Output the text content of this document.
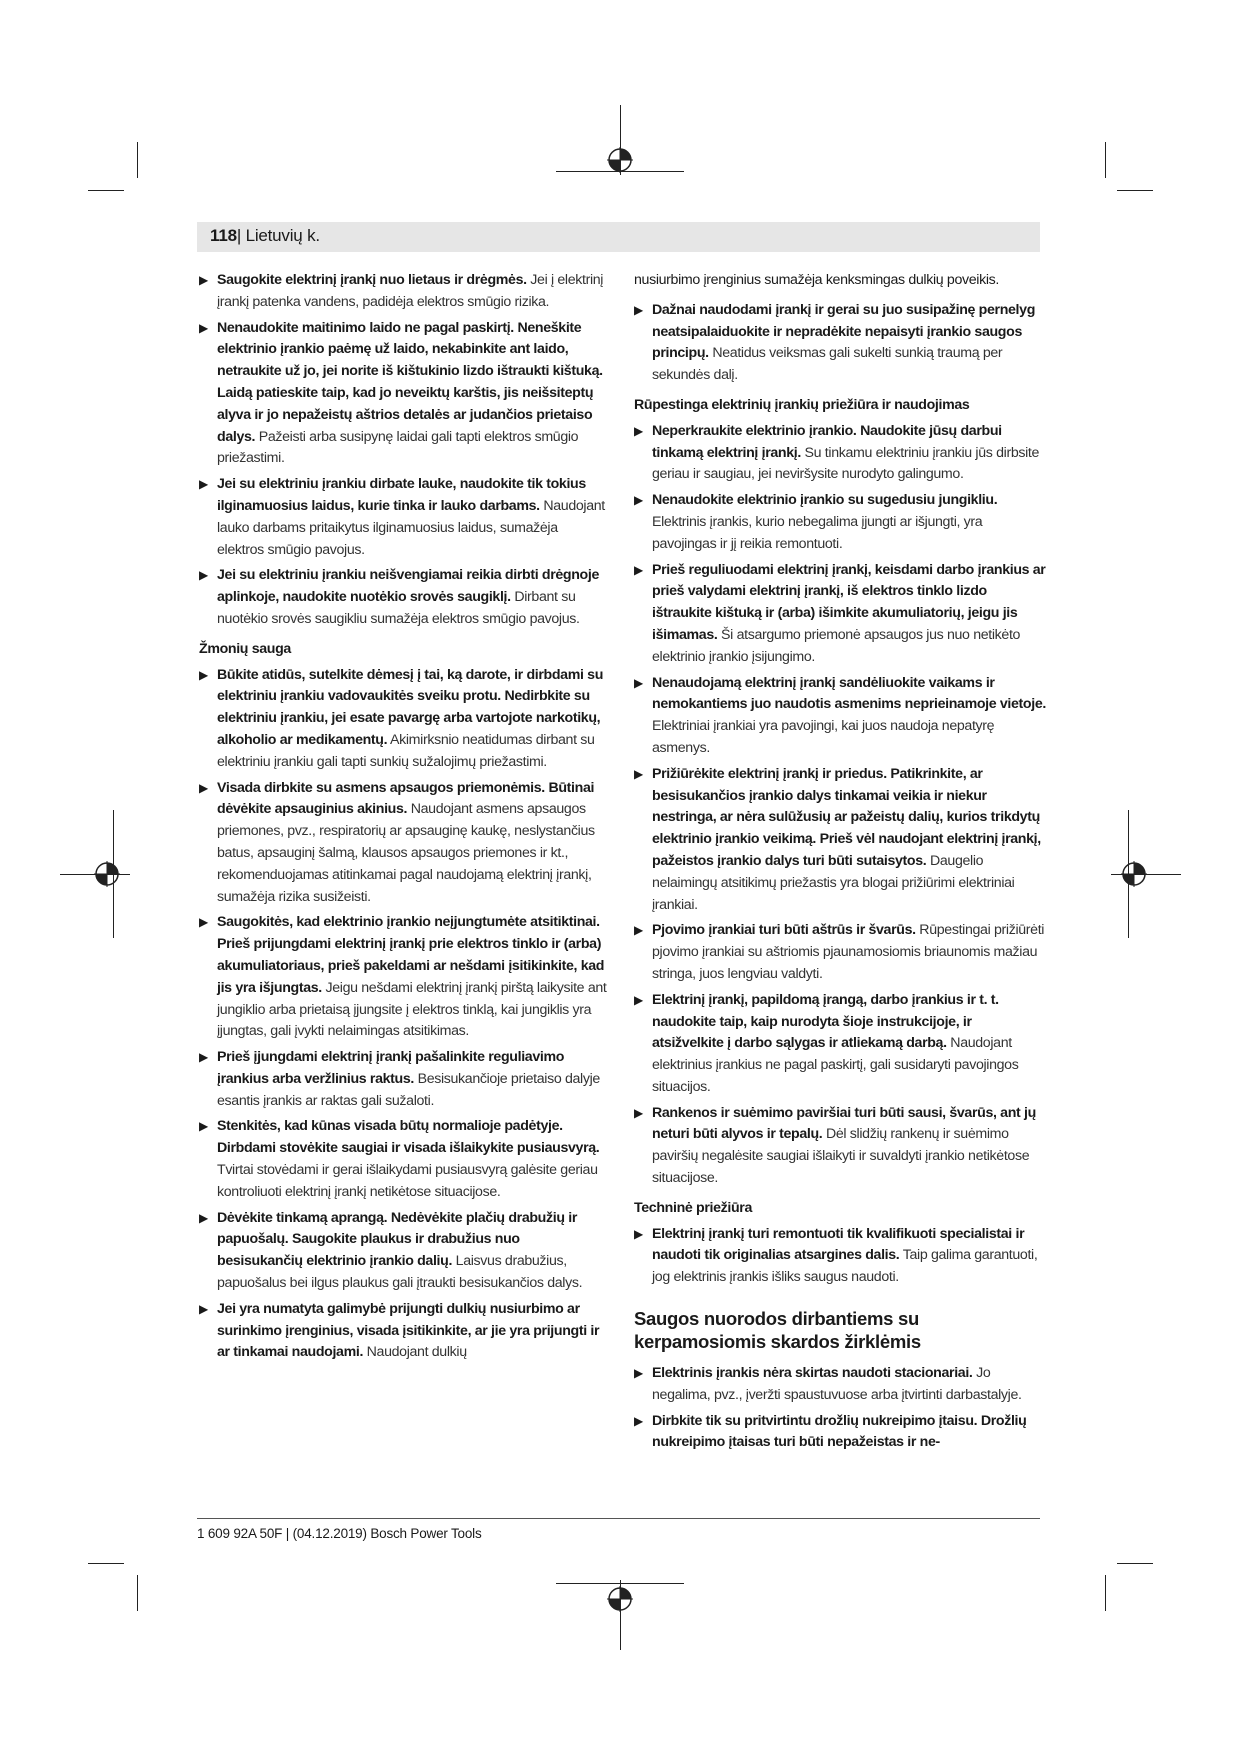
118| Lietuvių k.
▶ Saugokite elektrinį įrankį nuo lietaus ir drėgmės. Jei į elektrinį įrankį patenka vandens, padidėja elektros smūgio rizika.
▶ Nenaudokite maitinimo laido ne pagal paskirtį. Neneškite elektrinio įrankio paėmę už laido, nekabinkite ant laido, netraukite už jo, jei norite iš kištukinio lizdo ištraukti kištuką. Laidą patieskite taip, kad jo neveiktų karštis, jis neišsiteptų alyva ir jo nepažeistų aštrios detalės ar judančios prietaiso dalys. Pažeisti arba susipynę laidai gali tapti elektros smūgio priežastimi.
▶ Jei su elektriniu įrankiu dirbate lauke, naudokite tik tokius ilginamuosius laidus, kurie tinka ir lauko darbams. Naudojant lauko darbams pritaikytus ilginamuosius laidus, sumažėja elektros smūgio pavojus.
▶ Jei su elektriniu įrankiu neišvengiamai reikia dirbti drėgnoje aplinkoje, naudokite nuotėkio srovės saugiklį. Dirbant su nuotėkio srovės saugikliu sumažėja elektros smūgio pavojus.
Žmonių sauga
▶ Būkite atidūs, sutelkite dėmesį į tai, ką darote, ir dirbdami su elektriniu įrankiu vadovaukitės sveiku protu. Nedirbkite su elektriniu įrankiu, jei esate pavargę arba vartojote narkotikų, alkoholio ar medikamentų. Akimirksnio neatidumas dirbant su elektriniu įrankiu gali tapti sunkių sužalojimų priežastimi.
▶ Visada dirbkite su asmens apsaugos priemonėmis. Būtinai dėvėkite apsauginius akinius. Naudojant asmens apsaugos priemones, pvz., respiratorių ar apsauginę kaukę, neslystančius batus, apsauginį šalmą, klausos apsaugos priemones ir kt., rekomenduojamas atitinkamai pagal naudojamą elektrinį įrankį, sumažėja rizika susižeisti.
▶ Saugokitės, kad elektrinio įrankio neįjungtumėte atsitiktinai. Prieš prijungdami elektrinį įrankį prie elektros tinklo ir (arba) akumuliatoriaus, prieš pakeldami ar nešdami įsitikinkite, kad jis yra išjungtas. Jeigu nešdami elektrinį įrankį pirštą laikysite ant jungiklio arba prietaisą įjungsite į elektros tinklą, kai jungiklis yra įjungtas, gali įvykti nelaimingas atsitikimas.
▶ Prieš įjungdami elektrinį įrankį pašalinkite reguliavimo įrankius arba veržlinius raktus. Besisukančioje prietaiso dalyje esantis įrankis ar raktas gali sužaloti.
▶ Stenkitės, kad kūnas visada būtų normalioje padėtyje. Dirbdami stovėkite saugiai ir visada išlaikykite pusiausvyrą. Tvirtai stovėdami ir gerai išlaikydami pusiausvyrą galėsite geriau kontroliuoti elektrinį įrankį netikėtose situacijose.
▶ Dėvėkite tinkamą aprangą. Nedėvėkite plačių drabužių ir papuošalų. Saugokite plaukus ir drabužius nuo besisukančių elektrinio įrankio dalių. Laisvus drabužius, papuošalus bei ilgus plaukus gali įtraukti besisukančios dalys.
▶ Jei yra numatyta galimybė prijungti dulkių nusiurbimo ar surinkimo įrenginius, visada įsitikinkite, ar jie yra prijungti ir ar tinkamai naudojami. Naudojant dulkių
nusiurbimo įrenginius sumažėja kenksmingas dulkių poveikis.
▶ Dažnai naudodami įrankį ir gerai su juo susipažinę pernelyg neatsipalaiduokite ir nepradėkite nepaisyti įrankio saugos principų. Neatidus veiksmas gali sukelti sunkią traumą per sekundės dalį.
Rūpestinga elektrinių įrankių priežiūra ir naudojimas
▶ Neperkraukite elektrinio įrankio. Naudokite jūsų darbui tinkamą elektrinį įrankį. Su tinkamu elektriniu įrankiu jūs dirbsite geriau ir saugiau, jei neviršysite nurodyto galingumo.
▶ Nenaudokite elektrinio įrankio su sugedusiu jungikliu. Elektrinis įrankis, kurio nebegalima įjungti ar išjungti, yra pavojingas ir jį reikia remontuoti.
▶ Prieš reguliuodami elektrinį įrankį, keisdami darbo įrankius ar prieš valydami elektrinį įrankį, iš elektros tinklo lizdo ištraukite kištuką ir (arba) išimkite akumuliatorių, jeigu jis išimamas. Ši atsargumo priemonė apsaugos jus nuo netikėto elektrinio įrankio įsijungimo.
▶ Nenaudojamą elektrinį įrankį sandėliuokite vaikams ir nemokantiems juo naudotis asmenims neprieinamoje vietoje. Elektriniai įrankiai yra pavojingi, kai juos naudoja nepatyrę asmenys.
▶ Prižiūrėkite elektrinį įrankį ir priedus. Patikrinkite, ar besisukančios įrankio dalys tinkamai veikia ir niekur nestringa, ar nėra sulūžusių ar pažeistų dalių, kurios trikdytų elektrinio įrankio veikimą. Prieš vėl naudojant elektrinį įrankį, pažeistos įrankio dalys turi būti sutaisytos. Daugelio nelaimingų atsitikimų priežastis yra blogai prižiūrimi elektriniai įrankiai.
▶ Pjovimo įrankiai turi būti aštrūs ir švarūs. Rūpestingai prižiūrėti pjovimo įrankiai su aštriomis pjaunamosiomis briaunomis mažiau stringa, juos lengviau valdyti.
▶ Elektrinį įrankį, papildomą įrangą, darbo įrankius ir t. t. naudokite taip, kaip nurodyta šioje instrukcijoje, ir atsižvelkite į darbo sąlygas ir atliekamą darbą. Naudojant elektrinius įrankius ne pagal paskirtį, gali susidaryti pavojingos situacijos.
▶ Rankenos ir suėmimo paviršiai turi būti sausi, švarūs, ant jų neturi būti alyvos ir tepalų. Dėl slidžių rankenų ir suėmimo paviršių negalėsite saugiai išlaikyti ir suvaldyti įrankio netikėtose situacijose.
Techninė priežiūra
▶ Elektrinį įrankį turi remontuoti tik kvalifikuoti specialistai ir naudoti tik originalias atsargines dalis. Taip galima garantuoti, jog elektrinis įrankis išliks saugus naudoti.
Saugos nuorodos dirbantiems su kerpamosiomis skardos žirklėmis
▶ Elektrinis įrankis nėra skirtas naudoti stacionariai. Jo negalima, pvz., įveržti spaustuvuose arba įtvirtinti darbastalyje.
▶ Dirbkite tik su pritvirtintu drožlių nukreipimo įtaisu. Drožlių nukreipimo įtaisas turi būti nepažeistas ir ne-
1 609 92A 50F | (04.12.2019) Bosch Power Tools
